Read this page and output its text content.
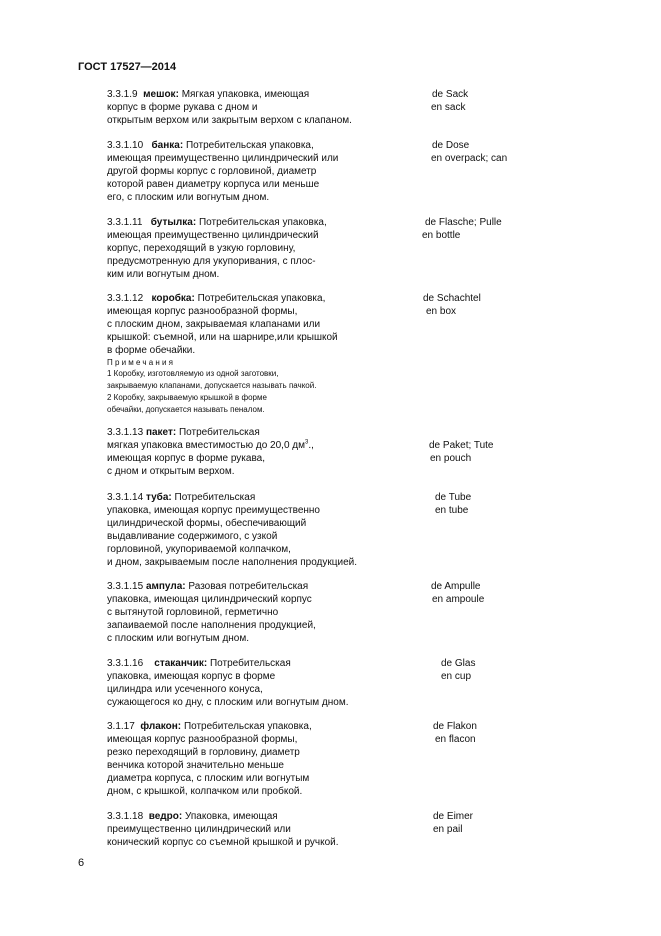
ГОСТ 17527—2014
3.3.1.9 мешок: Мягкая упаковка, имеющая	de Sack
корпус в форме рукава с дном и	en sack
открытым верхом или закрытым верхом с клапаном.
3.3.1.10 банка: Потребительская упаковка,	de Dose
имеющая преимущественно цилиндрический или	en overpack; can
другой формы корпус с горловиной, диаметр
которой равен диаметру корпуса или меньше
его, с плоским или вогнутым дном.
3.3.1.11 бутылка: Потребительская упаковка,	de Flasche; Pulle
имеющая преимущественно цилиндрический	en bottle
корпус, переходящий в узкую горловину,
предусмотренную для укупоривания, с плос-
ким или вогнутым дном.
3.3.1.12 коробка: Потребительская упаковка,	de Schachtel
имеющая корпус разнообразной формы,	en box
с плоским дном, закрываемая клапанами или
крышкой: съемной, или на шарнире,или крышкой
в форме обечайки.
Примечания
1 Коробку, изготовляемую из одной заготовки,
закрываемую клапанами, допускается называть пачкой.
2 Коробку, закрываемую крышкой в форме
обечайки, допускается называть пеналом.
3.3.1.13 пакет: Потребительская
мягкая упаковка вместимостью до 20,0 $дм^3$.,	de Paket; Tute
имеющая корпус в форме рукава,	en pouch
с дном и открытым верхом.
3.3.1.14 туба: Потребительская	de Tube
упаковка, имеющая корпус преимущественно	en tube
цилиндрической формы, обеспечивающий
выдавливание содержимого, с узкой
горловиной, укупориваемой колпачком,
и дном, закрываемым после наполнения продукцией.
3.3.1.15 ампула: Разовая потребительская	de Ampulle
упаковка, имеющая цилиндрический корпус	en ampoule
с вытянутой горловиной, герметично
запаиваемой после наполнения продукцией,
с плоским или вогнутым дном.
3.3.1.16 стаканчик: Потребительская	de Glas
упаковка, имеющая корпус в форме	en cup
цилиндра или усеченного конуса,
сужающегося ко дну, с плоским или вогнутым дном.
3.1.17 флакон: Потребительская упаковка,	de Flakon
имеющая корпус разнообразной формы,	en flacon
резко переходящий в горловину, диаметр
венчика которой значительно меньше
диаметра корпуса, с плоским или вогнутым
дном, с крышкой, колпачком или пробкой.
3.3.1.18 ведро: Упаковка, имеющая	de Eimer
преимущественно цилиндрический или	en pail
конический корпус со съемной крышкой и ручкой.
6
